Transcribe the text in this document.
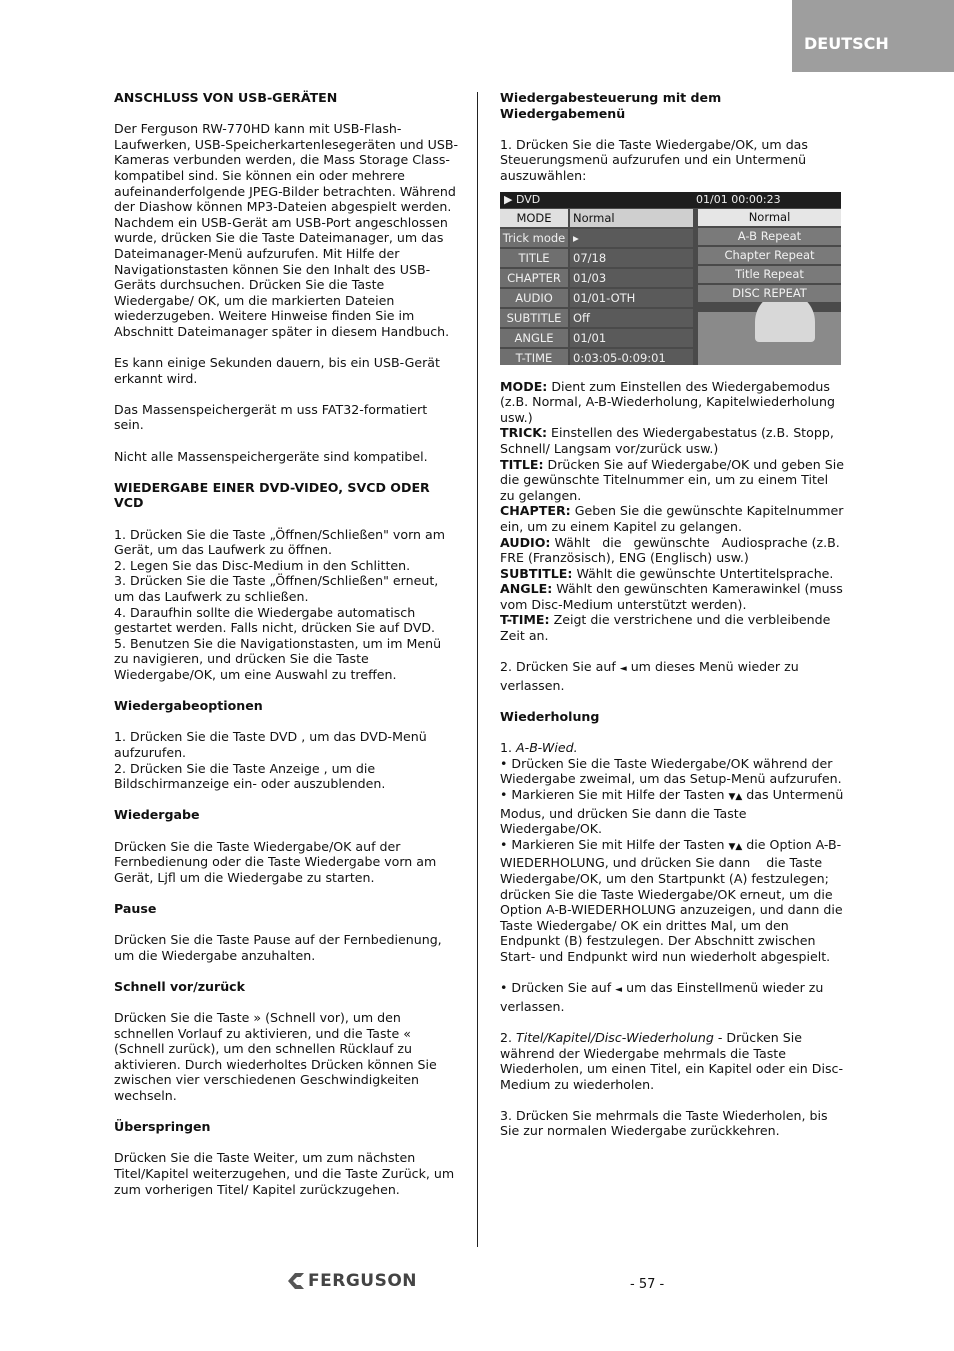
DEUTSCH

ANSCHLUSS VON USB-GERÄTEN

Der Ferguson RW-770HD kann mit USB-Flash-Laufwerken, USB-Speicherkartenlesegeräten und USB-Kameras verbunden werden, die Mass Storage Class-kompatibel sind. Sie können ein oder mehrere aufeinanderfolgende JPEG-Bilder betrachten. Während der Diashow können MP3-Dateien abgespielt werden. Nachdem ein USB-Gerät am USB-Port angeschlossen wurde, drücken Sie die Taste Dateimanager, um das Dateimanager-Menü aufzurufen. Mit Hilfe der Navigationstasten können Sie den Inhalt des USB-Geräts durchsuchen. Drücken Sie die Taste Wiedergabe/ OK, um die markierten Dateien wiederzugeben. Weitere Hinweise finden Sie im Abschnitt Dateimanager später in diesem Handbuch.

Es kann einige Sekunden dauern, bis ein USB-Gerät erkannt wird.

Das Massenspeichergerät m uss FAT32-formatiert sein.

Nicht alle Massenspeichergeräte sind kompatibel.

WIEDERGABE EINER DVD-VIDEO, SVCD ODER VCD

1. Drücken Sie die Taste „Öffnen/Schließen" vorn am Gerät, um das Laufwerk zu öffnen.

2. Legen Sie das Disc-Medium in den Schlitten.

3. Drücken Sie die Taste „Öffnen/Schließen" erneut, um das Laufwerk zu schließen.

4. Daraufhin sollte die Wiedergabe automatisch gestartet werden. Falls nicht, drücken Sie auf DVD.

5. Benutzen Sie die Navigationstasten, um im Menü zu navigieren, und drücken Sie die Taste Wiedergabe/OK, um eine Auswahl zu treffen.

Wiedergabeoptionen

1. Drücken Sie die Taste DVD , um das DVD-Menü aufzurufen.

2. Drücken Sie die Taste Anzeige , um die Bildschirmanzeige ein- oder auszublenden.

Wiedergabe

Drücken Sie die Taste Wiedergabe/OK auf der Fernbedienung oder die Taste Wiedergabe vorn am Gerät, Ljfl um die Wiedergabe zu starten.

Pause

Drücken Sie die Taste Pause auf der Fernbedienung, um die Wiedergabe anzuhalten.

Schnell vor/zurück

Drücken Sie die Taste » (Schnell vor), um den schnellen Vorlauf zu aktivieren, und die Taste « (Schnell zurück), um den schnellen Rücklauf zu aktivieren. Durch wiederholtes Drücken können Sie zwischen vier verschiedenen Geschwindigkeiten wechseln.

Überspringen

Drücken Sie die Taste Weiter, um zum nächsten Titel/Kapitel weiterzugehen, und die Taste Zurück, um zum vorherigen Titel/ Kapitel zurückzugehen.

Wiedergabesteuerung mit dem Wiedergabemenü

1. Drücken Sie die Taste Wiedergabe/OK, um das Steuerungsmenü aufzurufen und ein Untermenü auszuwählen:

▶ DVD	01/01 00:00:23
MODE	Normal
Trick mode ▸
TITLE	07/18
CHAPTER	01/03
AUDIO	01/01-OTH
SUBTITLE	Off
ANGLE	01/01
T-TIME	0:03:05-0:09:01
Normal
A-B Repeat
Chapter Repeat
Title Repeat
DISC REPEAT

MODE: Dient zum Einstellen des Wiedergabemodus (z.B. Normal, A-B-Wiederholung, Kapitelwiederholung usw.)

TRICK: Einstellen des Wiedergabestatus (z.B. Stopp, Schnell/ Langsam vor/zurück usw.)

TITLE: Drücken Sie auf Wiedergabe/OK und geben Sie die gewünschte Titelnummer ein, um zu einem Titel zu gelangen.

CHAPTER: Geben Sie die gewünschte Kapitelnummer ein, um zu einem Kapitel zu gelangen.

AUDIO: Wählt   die   gewünschte   Audiosprache (z.B.   FRE (Französisch), ENG (Englisch) usw.)

SUBTITLE: Wählt die gewünschte Untertitelsprache.

ANGLE: Wählt den gewünschten Kamerawinkel (muss vom Disc-Medium unterstützt werden).

T-TIME: Zeigt die verstrichene und die verbleibende Zeit an.

2. Drücken Sie auf ◄ um dieses Menü wieder zu verlassen.

Wiederholung

1. A-B-Wied.

• Drücken Sie die Taste Wiedergabe/OK während der Wiedergabe zweimal, um das Setup-Menü aufzurufen.

• Markieren Sie mit Hilfe der Tasten ▼▲ das Untermenü Modus, und drücken Sie dann die Taste Wiedergabe/OK.

• Markieren Sie mit Hilfe der Tasten ▼▲ die Option A-B-WIEDERHOLUNG, und drücken Sie dann    die Taste Wiedergabe/OK, um den Startpunkt (A) festzulegen; drücken Sie die Taste Wiedergabe/OK erneut, um die Option A-B-WIEDERHOLUNG anzuzeigen, und dann die Taste Wiedergabe/ OK ein drittes Mal, um den Endpunkt (B) festzulegen. Der Abschnitt zwischen Start- und Endpunkt wird nun wiederholt abgespielt.

• Drücken Sie auf ◄ um das Einstellmenü wieder zu verlassen.

2. Titel/Kapitel/Disc-Wiederholung - Drücken Sie während der Wiedergabe mehrmals die Taste Wiederholen, um einen Titel, ein Kapitel oder ein Disc-Medium zu wiederholen.

3. Drücken Sie mehrmals die Taste Wiederholen, bis Sie zur normalen Wiedergabe zurückkehren.

FERGUSON	- 57 -
